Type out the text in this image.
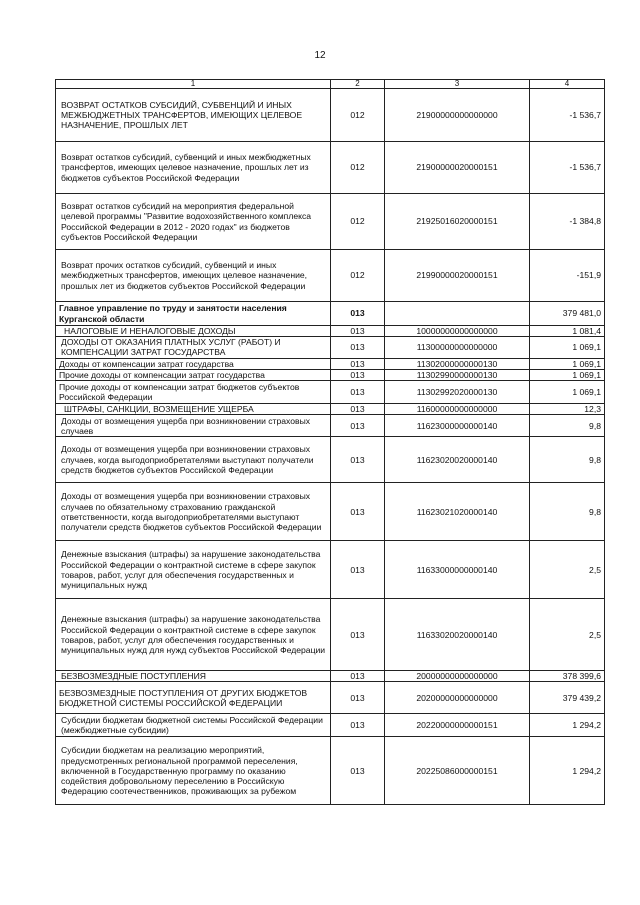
12
1	2	3	4
ВОЗВРАТ ОСТАТКОВ СУБСИДИЙ, СУБВЕНЦИЙ И ИНЫХ МЕЖБЮДЖЕТНЫХ ТРАНСФЕРТОВ, ИМЕЮЩИХ ЦЕЛЕВОЕ НАЗНАЧЕНИЕ, ПРОШЛЫХ ЛЕТ	012	21900000000000000	-1 536,7
Возврат остатков субсидий, субвенций и иных межбюджетных трансфертов, имеющих целевое назначение, прошлых лет из бюджетов субъектов Российской Федерации	012	21900000020000151	-1 536,7
Возврат остатков субсидий на мероприятия федеральной целевой программы "Развитие водохозяйственного комплекса Российской Федерации в 2012 - 2020 годах" из бюджетов субъектов Российской Федерации	012	21925016020000151	-1 384,8
Возврат прочих остатков субсидий, субвенций и иных межбюджетных трансфертов, имеющих целевое назначение, прошлых лет из бюджетов субъектов Российской Федерации	012	21990000020000151	-151,9
Главное управление по труду и занятости населения Курганской области	013		379 481,0
НАЛОГОВЫЕ И НЕНАЛОГОВЫЕ ДОХОДЫ	013	10000000000000000	1 081,4
ДОХОДЫ ОТ ОКАЗАНИЯ ПЛАТНЫХ УСЛУГ (РАБОТ) И КОМПЕНСАЦИИ ЗАТРАТ ГОСУДАРСТВА	013	11300000000000000	1 069,1
Доходы от компенсации затрат государства	013	11302000000000130	1 069,1
Прочие доходы от компенсации затрат государства	013	11302990000000130	1 069,1
Прочие доходы от компенсации затрат бюджетов субъектов Российской Федерации	013	11302992020000130	1 069,1
ШТРАФЫ, САНКЦИИ, ВОЗМЕЩЕНИЕ УЩЕРБА	013	11600000000000000	12,3
Доходы от возмещения ущерба при возникновении страховых случаев	013	11623000000000140	9,8
Доходы от возмещения ущерба при возникновении страховых случаев, когда выгодоприобретателями выступают получатели средств бюджетов субъектов Российской Федерации	013	11623020020000140	9,8
Доходы от возмещения ущерба при возникновении страховых случаев по обязательному страхованию гражданской ответственности, когда выгодоприобретателями выступают получатели средств бюджетов субъектов Российской Федерации	013	11623021020000140	9,8
Денежные взыскания (штрафы) за нарушение законодательства Российской Федерации о контрактной системе в сфере закупок товаров, работ, услуг для обеспечения государственных и муниципальных нужд	013	11633000000000140	2,5
Денежные взыскания (штрафы) за нарушение законодательства Российской Федерации о контрактной системе в сфере закупок товаров, работ, услуг для обеспечения государственных и муниципальных нужд для нужд субъектов Российской Федерации	013	11633020020000140	2,5
БЕЗВОЗМЕЗДНЫЕ ПОСТУПЛЕНИЯ	013	20000000000000000	378 399,6
БЕЗВОЗМЕЗДНЫЕ ПОСТУПЛЕНИЯ ОТ ДРУГИХ БЮДЖЕТОВ БЮДЖЕТНОЙ СИСТЕМЫ РОССИЙСКОЙ ФЕДЕРАЦИИ	013	20200000000000000	379 439,2
Субсидии бюджетам бюджетной системы Российской Федерации (межбюджетные субсидии)	013	20220000000000151	1 294,2
Субсидии бюджетам на реализацию мероприятий, предусмотренных региональной программой переселения, включенной в Государственную программу по оказанию содействия добровольному переселению в Российскую Федерацию соотечественников, проживающих за рубежом	013	20225086000000151	1 294,2
